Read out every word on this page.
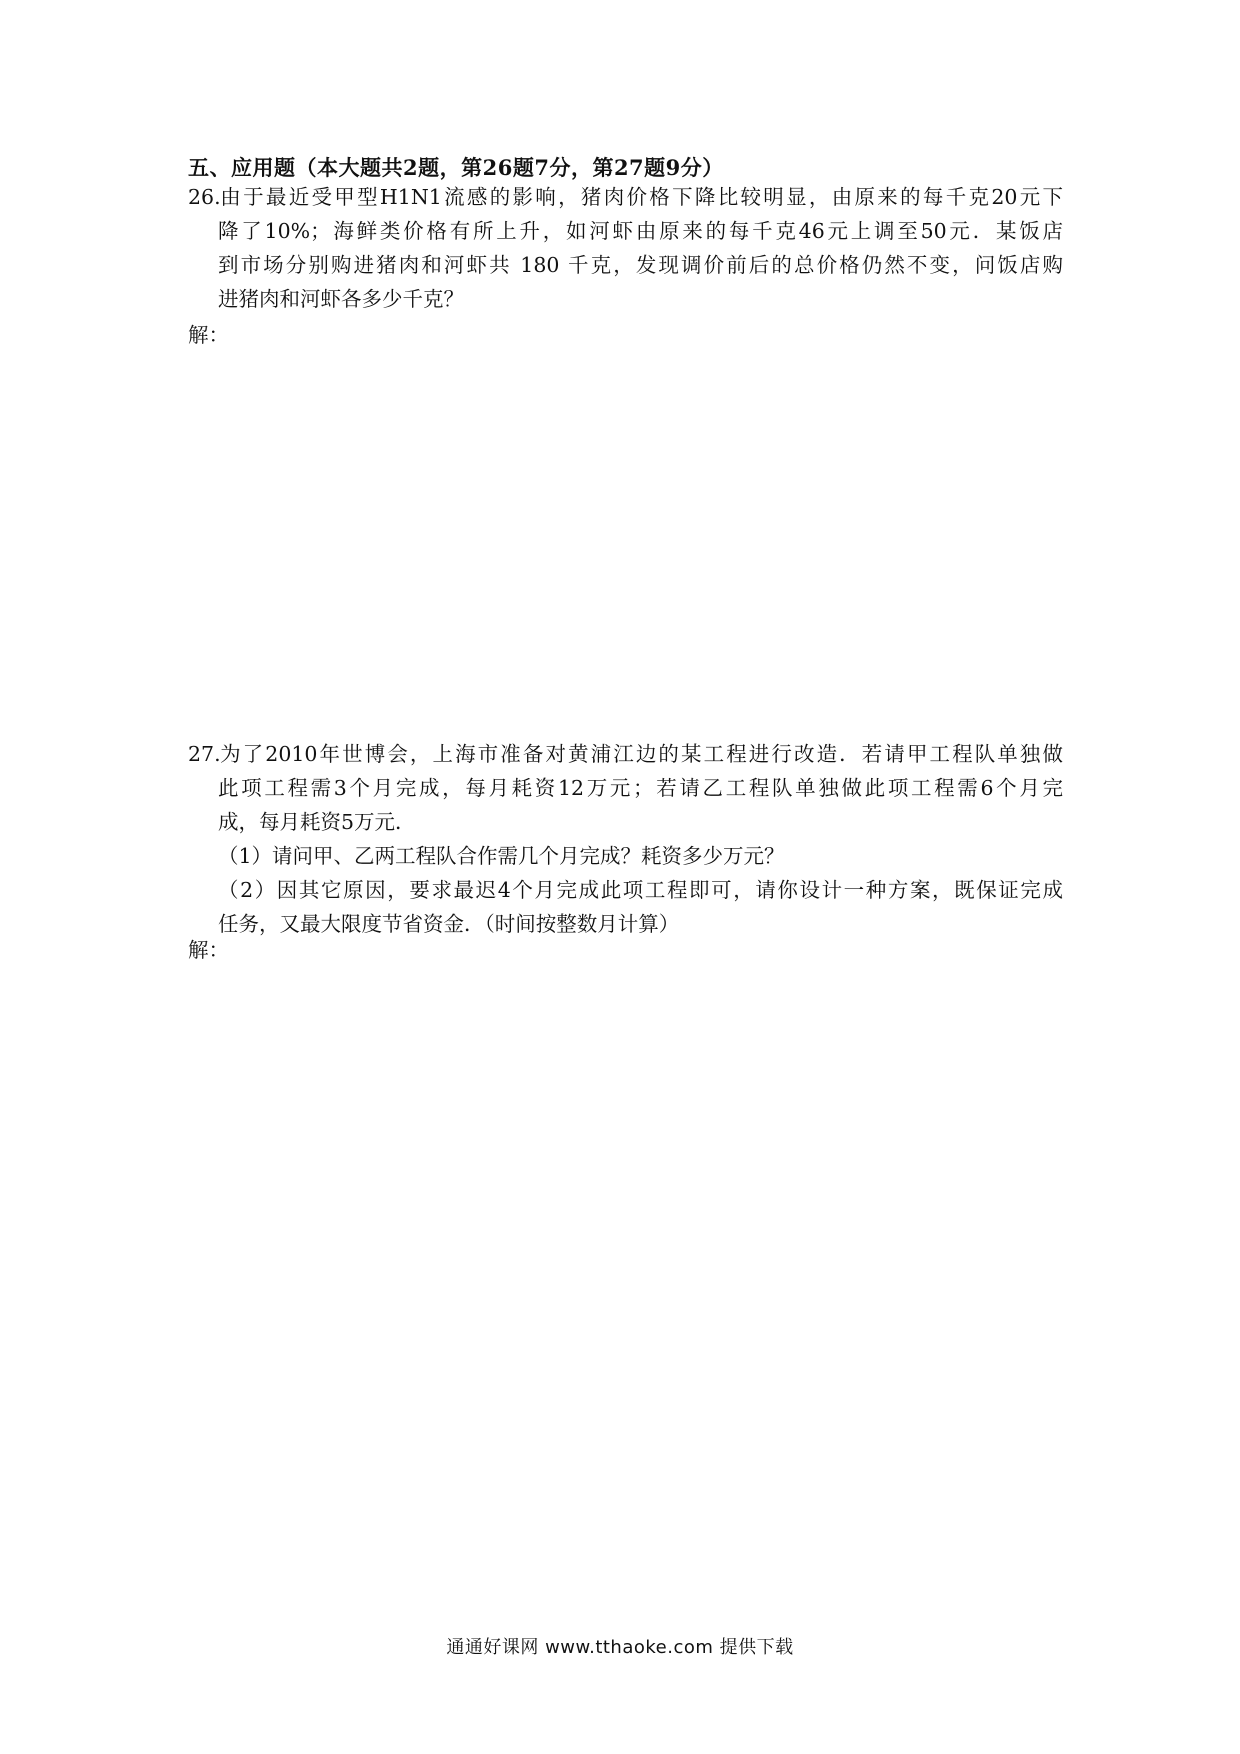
五、应用题（本大题共2题，第26题7分，第27题9分）
26.由于最近受甲型H1N1流感的影响，猪肉价格下降比较明显，由原来的每千克20元下
降了10%；海鲜类价格有所上升，如河虾由原来的每千克46元上调至50元．某饭店
到市场分别购进猪肉和河虾共 180 千克，发现调价前后的总价格仍然不变，问饭店购
进猪肉和河虾各多少千克？
解：
27.为了2010年世博会，上海市准备对黄浦江边的某工程进行改造．若请甲工程队单独做
此项工程需3个月完成，每月耗资12万元；若请乙工程队单独做此项工程需6个月完
成，每月耗资5万元．
（1）请问甲、乙两工程队合作需几个月完成？耗资多少万元？
（2）因其它原因，要求最迟4个月完成此项工程即可，请你设计一种方案，既保证完成
任务，又最大限度节省资金．（时间按整数月计算）
解：
通通好课网 www.tthaoke.com 提供下载
